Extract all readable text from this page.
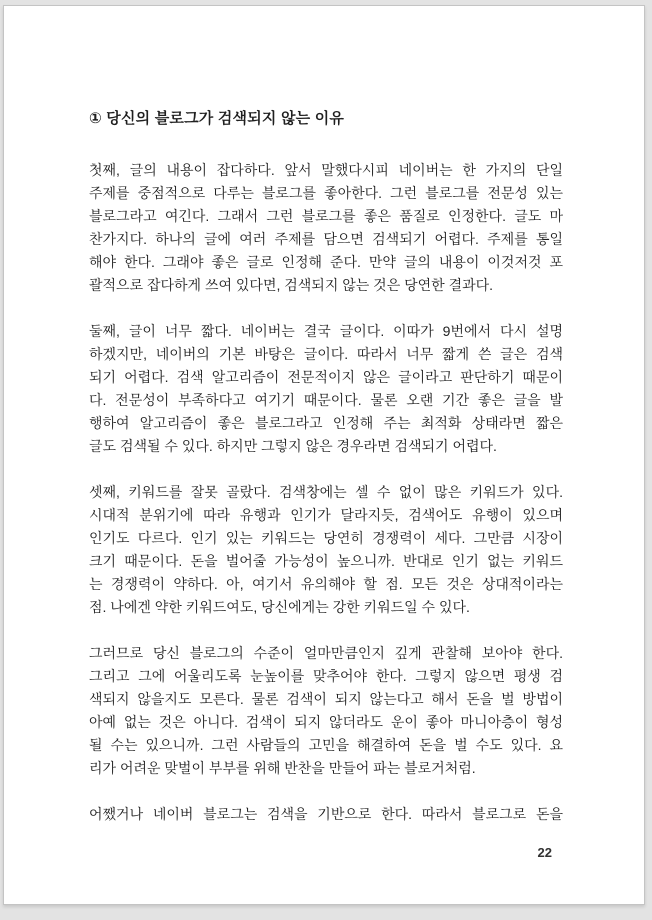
① 당신의 블로그가 검색되지 않는 이유
첫째, 글의 내용이 잡다하다. 앞서 말했다시피 네이버는 한 가지의 단일
주제를 중점적으로 다루는 블로그를 좋아한다. 그런 블로그를 전문성 있는
블로그라고 여긴다. 그래서 그런 블로그를 좋은 품질로 인정한다. 글도 마
찬가지다. 하나의 글에 여러 주제를 담으면 검색되기 어렵다. 주제를 통일
해야 한다. 그래야 좋은 글로 인정해 준다. 만약 글의 내용이 이것저것 포
괄적으로 잡다하게 쓰여 있다면, 검색되지 않는 것은 당연한 결과다.
둘째, 글이 너무 짧다. 네이버는 결국 글이다. 이따가 9번에서 다시 설명
하겠지만, 네이버의 기본 바탕은 글이다. 따라서 너무 짧게 쓴 글은 검색
되기 어렵다. 검색 알고리즘이 전문적이지 않은 글이라고 판단하기 때문이
다. 전문성이 부족하다고 여기기 때문이다. 물론 오랜 기간 좋은 글을 발
행하여 알고리즘이 좋은 블로그라고 인정해 주는 최적화 상태라면 짧은
글도 검색될 수 있다. 하지만 그렇지 않은 경우라면 검색되기 어렵다.
셋째, 키워드를 잘못 골랐다. 검색창에는 셀 수 없이 많은 키워드가 있다.
시대적 분위기에 따라 유행과 인기가 달라지듯, 검색어도 유행이 있으며
인기도 다르다. 인기 있는 키워드는 당연히 경쟁력이 세다. 그만큼 시장이
크기 때문이다. 돈을 벌어줄 가능성이 높으니까. 반대로 인기 없는 키워드
는 경쟁력이 약하다. 아, 여기서 유의해야 할 점. 모든 것은 상대적이라는
점. 나에겐 약한 키워드여도, 당신에게는 강한 키워드일 수 있다.
그러므로 당신 블로그의 수준이 얼마만큼인지 깊게 관찰해 보아야 한다.
그리고 그에 어울리도록 눈높이를 맞추어야 한다. 그렇지 않으면 평생 검
색되지 않을지도 모른다. 물론 검색이 되지 않는다고 해서 돈을 벌 방법이
아예 없는 것은 아니다. 검색이 되지 않더라도 운이 좋아 마니아층이 형성
될 수는 있으니까. 그런 사람들의 고민을 해결하여 돈을 벌 수도 있다. 요
리가 어려운 맞벌이 부부를 위해 반찬을 만들어 파는 블로거처럼.
어쨌거나 네이버 블로그는 검색을 기반으로 한다. 따라서 블로그로 돈을
22
